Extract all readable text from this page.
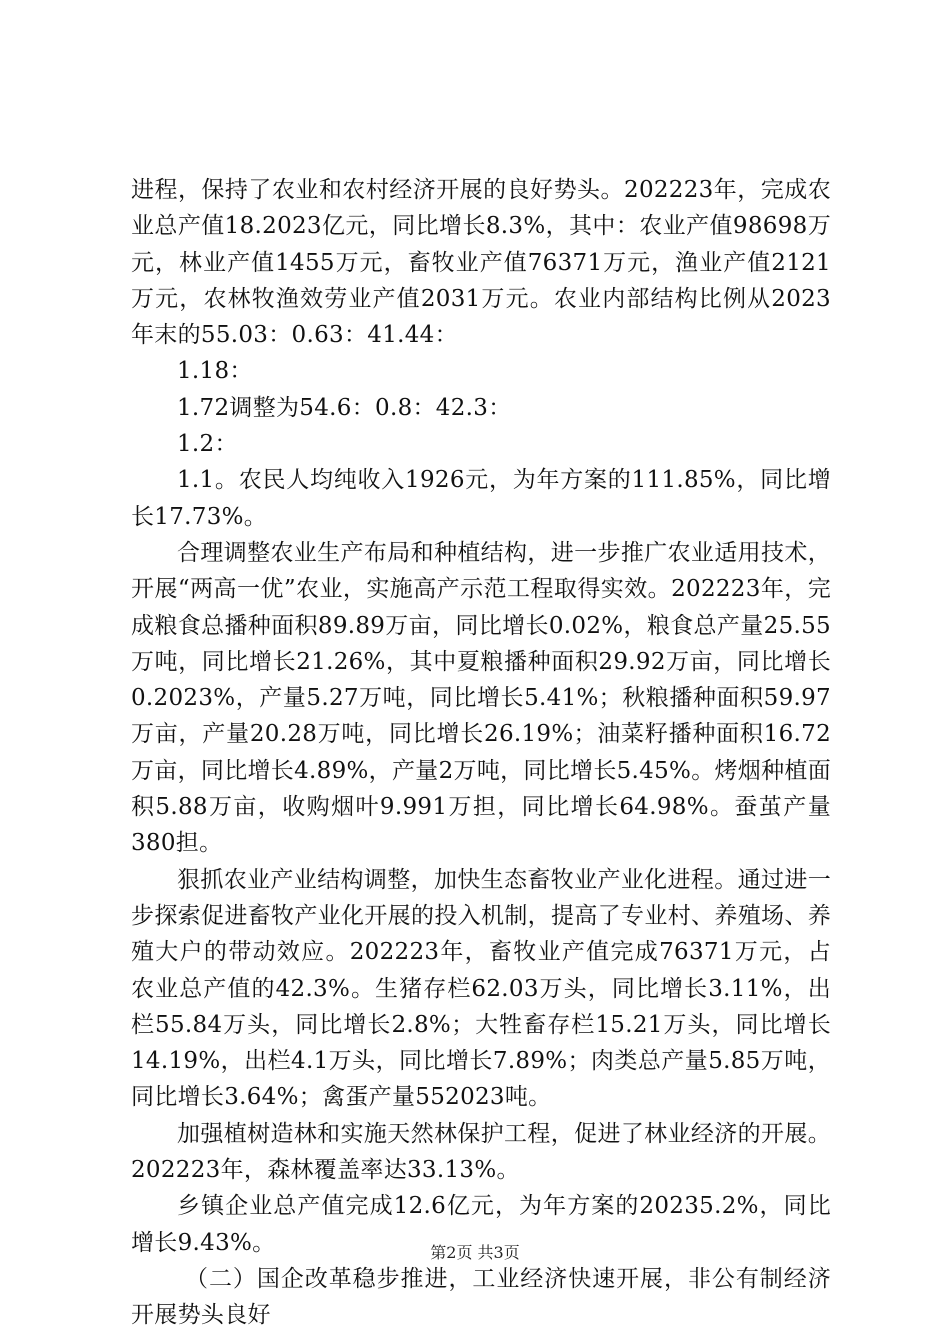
进程，保持了农业和农村经济开展的良好势头。202223年，完成农业总产值18.2023亿元，同比增长8.3%，其中：农业产值98698万元，林业产值1455万元，畜牧业产值76371万元，渔业产值2121万元，农林牧渔效劳业产值2031万元。农业内部结构比例从2023年末的55.03：0.63：41.44：

1.18：

1.72调整为54.6：0.8：42.3：

1.2：

1.1。农民人均纯收入1926元，为年方案的111.85%，同比增长17.73%。

合理调整农业生产布局和种植结构，进一步推广农业适用技术，开展“两高一优”农业，实施高产示范工程取得实效。202223年，完成粮食总播种面积89.89万亩，同比增长0.02%，粮食总产量25.55万吨，同比增长21.26%，其中夏粮播种面积29.92万亩，同比增长0.2023%，产量5.27万吨，同比增长5.41%；秋粮播种面积59.97万亩，产量20.28万吨，同比增长26.19%；油菜籽播种面积16.72万亩，同比增长4.89%，产量2万吨，同比增长5.45%。烤烟种植面积5.88万亩，收购烟叶9.991万担，同比增长64.98%。蚕茧产量380担。

狠抓农业产业结构调整，加快生态畜牧业产业化进程。通过进一步探索促进畜牧产业化开展的投入机制，提高了专业村、养殖场、养殖大户的带动效应。202223年，畜牧业产值完成76371万元，占农业总产值的42.3%。生猪存栏62.03万头，同比增长3.11%，出栏55.84万头，同比增长2.8%；大牲畜存栏15.21万头，同比增长14.19%，出栏4.1万头，同比增长7.89%；肉类总产量5.85万吨，同比增长3.64%；禽蛋产量552023吨。

加强植树造林和实施天然林保护工程，促进了林业经济的开展。202223年，森林覆盖率达33.13%。

乡镇企业总产值完成12.6亿元，为年方案的20235.2%，同比增长9.43%。

（二）国企改革稳步推进，工业经济快速开展，非公有制经济开展势头良好

第2页 共3页
